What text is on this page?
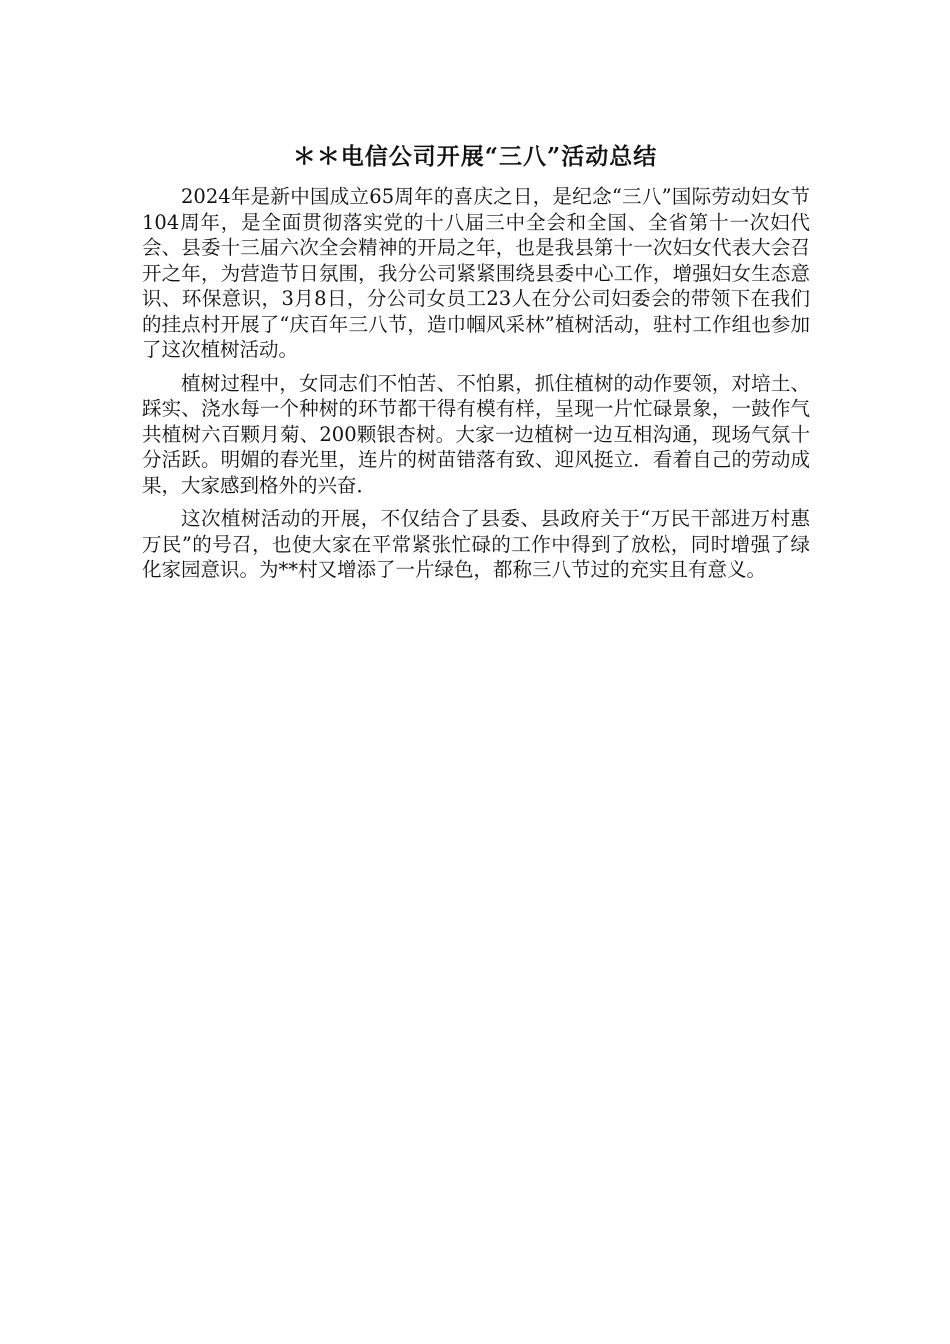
＊＊电信公司开展“三八”活动总结

2024年是新中国成立65周年的喜庆之日，是纪念“三八”国际劳动妇女节104周年，是全面贯彻落实党的十八届三中全会和全国、全省第十一次妇代会、县委十三届六次全会精神的开局之年，也是我县第十一次妇女代表大会召开之年，为营造节日氛围，我分公司紧紧围绕县委中心工作，增强妇女生态意识、环保意识，3月8日，分公司女员工23人在分公司妇委会的带领下在我们的挂点村开展了“庆百年三八节，造巾帼风采林”植树活动，驻村工作组也参加了这次植树活动。

植树过程中，女同志们不怕苦、不怕累，抓住植树的动作要领，对培土、踩实、浇水每一个种树的环节都干得有模有样，呈现一片忙碌景象，一鼓作气共植树六百颗月菊、200颗银杏树。大家一边植树一边互相沟通，现场气氛十分活跃。明媚的春光里，连片的树苗错落有致、迎风挺立．看着自己的劳动成果，大家感到格外的兴奋．

这次植树活动的开展，不仅结合了县委、县政府关于“万民干部进万村惠万民”的号召，也使大家在平常紧张忙碌的工作中得到了放松，同时增强了绿化家园意识。为**村又增添了一片绿色，都称三八节过的充实且有意义。
